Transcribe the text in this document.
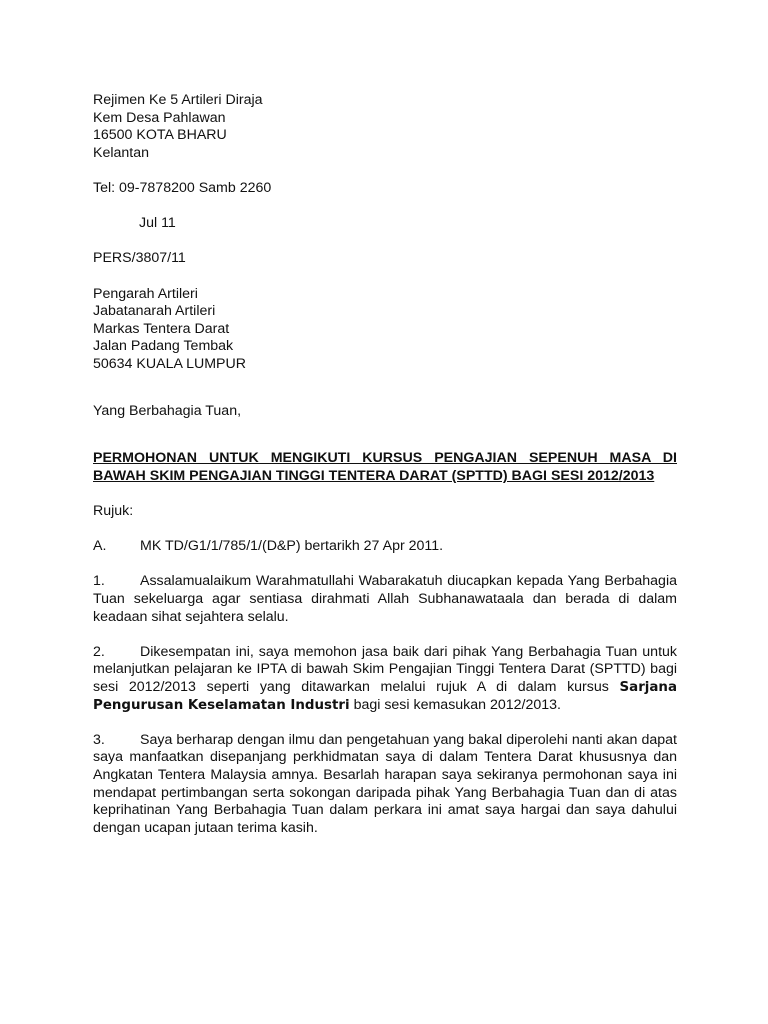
Rejimen Ke 5 Artileri Diraja
Kem Desa Pahlawan
16500 KOTA BHARU
Kelantan
Tel: 09-7878200 Samb 2260
Jul 11
PERS/3807/11
Pengarah Artileri
Jabatanarah Artileri
Markas Tentera Darat
Jalan Padang Tembak
50634 KUALA LUMPUR
Yang Berbahagia Tuan,
PERMOHONAN UNTUK MENGIKUTI KURSUS PENGAJIAN SEPENUH MASA DI BAWAH SKIM PENGAJIAN TINGGI TENTERA DARAT (SPTTD) BAGI SESI 2012/2013
Rujuk:
A. MK TD/G1/1/785/1/(D&P) bertarikh 27 Apr 2011.

1. Assalamualaikum Warahmatullahi Wabarakatuh diucapkan kepada Yang Berbahagia Tuan sekeluarga agar sentiasa dirahmati Allah Subhanawataala dan berada di dalam keadaan sihat sejahtera selalu.

2. Dikesempatan ini, saya memohon jasa baik dari pihak Yang Berbahagia Tuan untuk melanjutkan pelajaran ke IPTA di bawah Skim Pengajian Tinggi Tentera Darat (SPTTD) bagi sesi 2012/2013 seperti yang ditawarkan melalui rujuk A di dalam kursus Sarjana Pengurusan Keselamatan Industri bagi sesi kemasukan 2012/2013.

3. Saya berharap dengan ilmu dan pengetahuan yang bakal diperolehi nanti akan dapat saya manfaatkan disepanjang perkhidmatan saya di dalam Tentera Darat khususnya dan Angkatan Tentera Malaysia amnya. Besarlah harapan saya sekiranya permohonan saya ini mendapat pertimbangan serta sokongan daripada pihak Yang Berbahagia Tuan dan di atas keprihatinan Yang Berbahagia Tuan dalam perkara ini amat saya hargai dan saya dahului dengan ucapan jutaan terima kasih.
